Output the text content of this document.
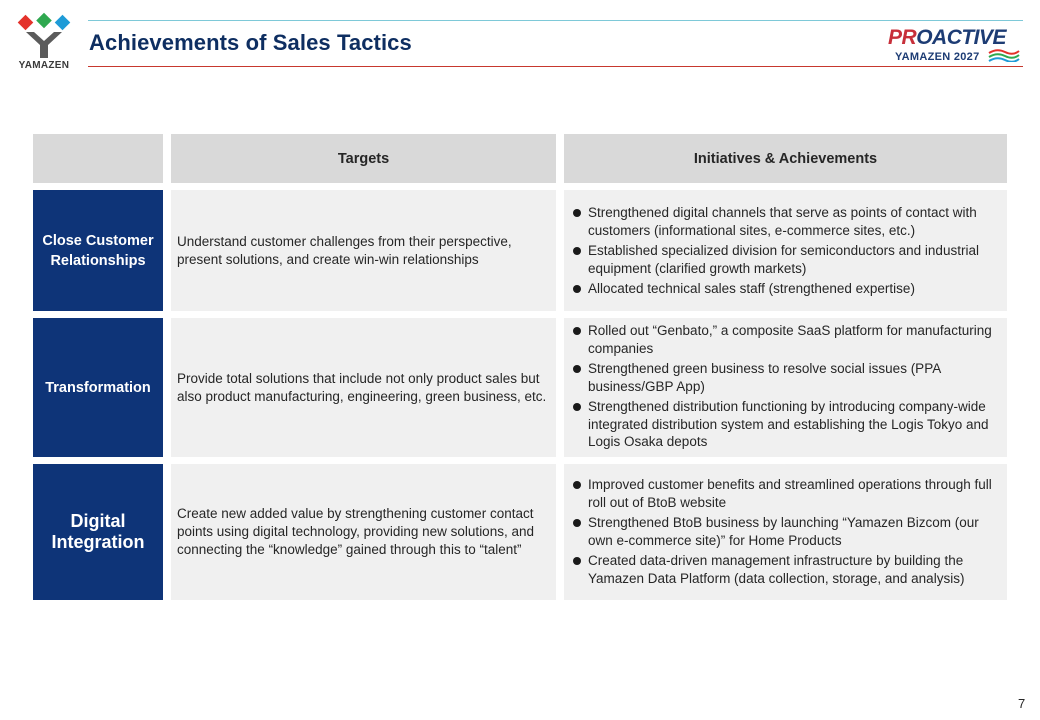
YAMAZEN
Achievements of Sales Tactics	PROACTIVE
YAMAZEN 2027
Targets	Initiatives & Achievements
Close Customer Relationships
Understand customer challenges from their perspective, present solutions, and create win-win relationships
Strengthened digital channels that serve as points of contact with customers (informational sites, e-commerce sites, etc.)
Established specialized division for semiconductors and industrial equipment (clarified growth markets)
Allocated technical sales staff (strengthened expertise)
Transformation
Provide total solutions that include not only product sales but also product manufacturing, engineering, green business, etc.
Rolled out “Genbato,” a composite SaaS platform for manufacturing companies
Strengthened green business to resolve social issues (PPA business/GBP App)
Strengthened distribution functioning by introducing company-wide integrated distribution system and establishing the Logis Tokyo and Logis Osaka depots
Digital Integration
Create new added value by strengthening customer contact points using digital technology, providing new solutions, and connecting the “knowledge” gained through this to “talent”
Improved customer benefits and streamlined operations through full roll out of BtoB website
Strengthened BtoB business by launching “Yamazen Bizcom (our own e-commerce site)” for Home Products
Created data-driven management infrastructure by building the Yamazen Data Platform (data collection, storage, and analysis)
7
